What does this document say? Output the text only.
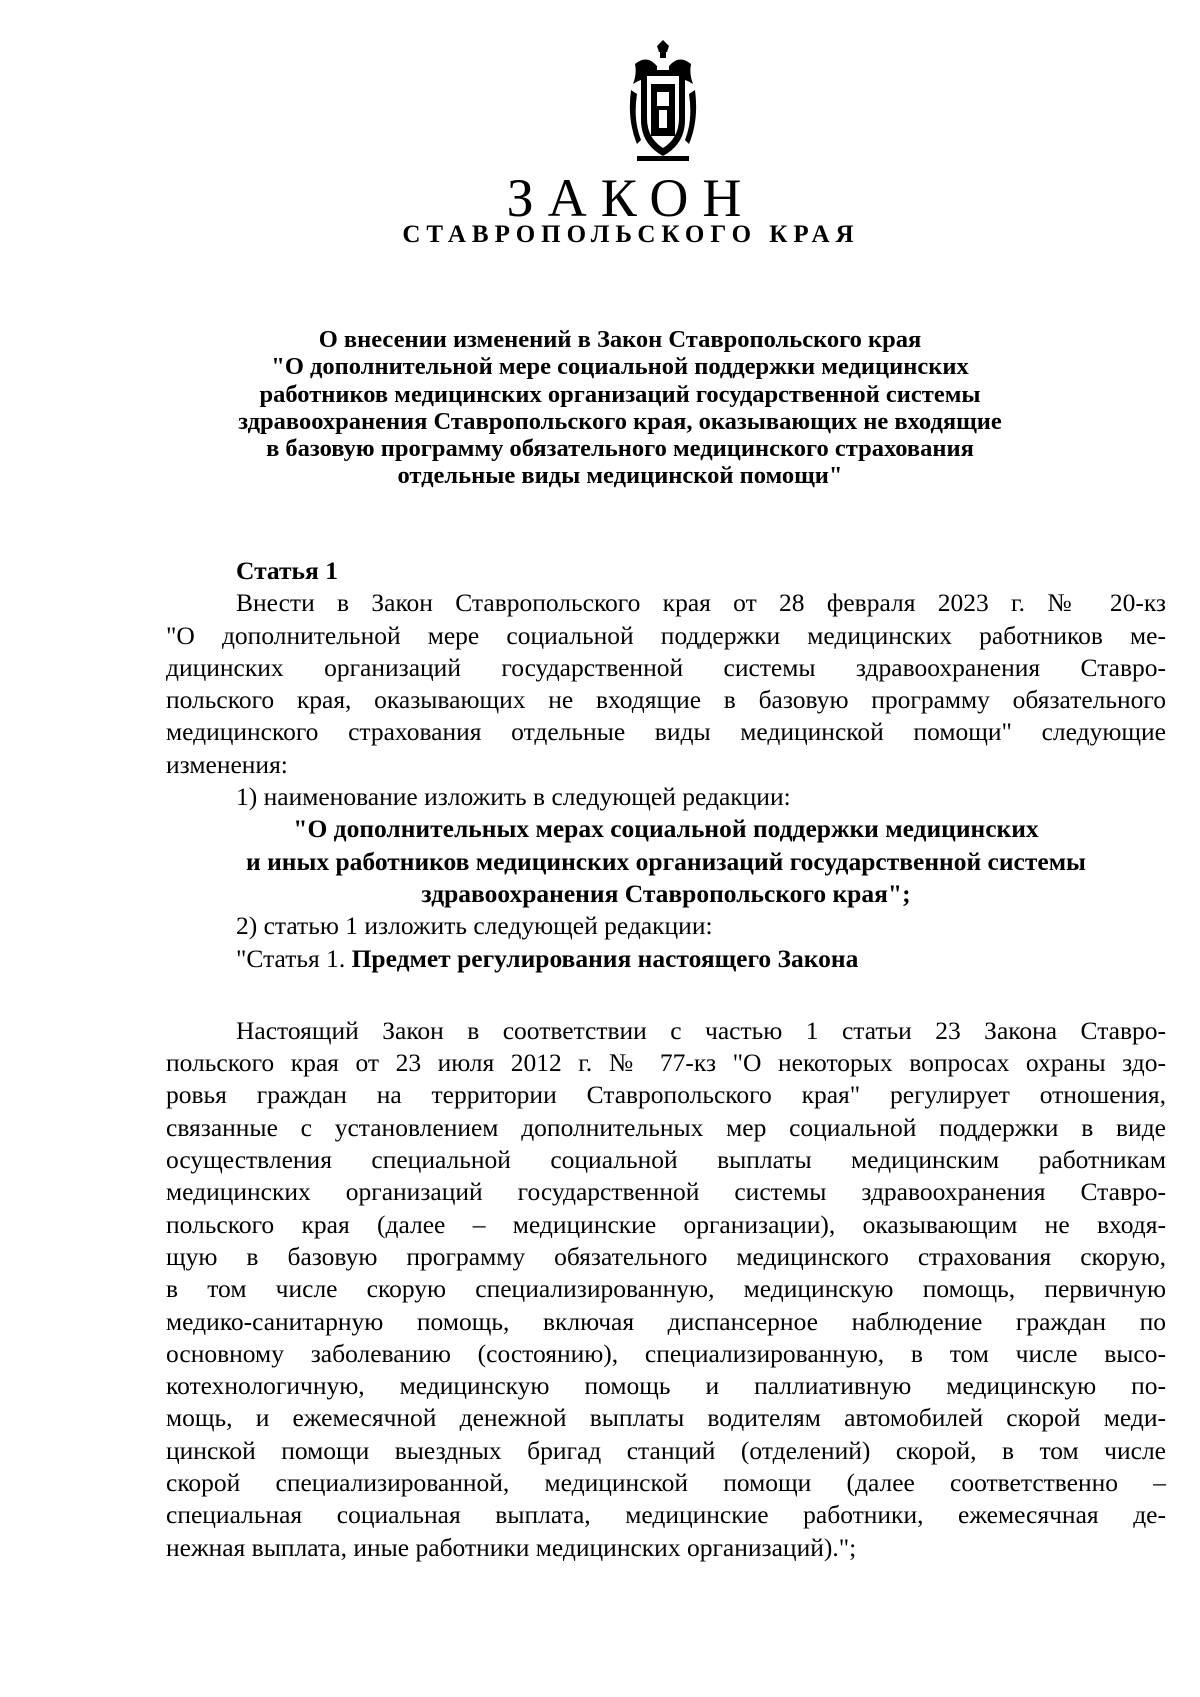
ЗАКОН
СТАВРОПОЛЬСКОГО КРАЯ
О внесении изменений в Закон Ставропольского края
"О дополнительной мере социальной поддержки медицинских
работников медицинских организаций государственной системы
здравоохранения Ставропольского края, оказывающих не входящие
в базовую программу обязательного медицинского страхования
отдельные виды медицинской помощи"
Статья 1
Внести в Закон Ставропольского края от 28 февраля 2023 г. № 20-кз
"О дополнительной мере социальной поддержки медицинских работников ме-
дицинских организаций государственной системы здравоохранения Ставро-
польского края, оказывающих не входящие в базовую программу обязательного
медицинского страхования отдельные виды медицинской помощи" следующие
изменения:
1) наименование изложить в следующей редакции:
"О дополнительных мерах социальной поддержки медицинских
и иных работников медицинских организаций государственной системы
здравоохранения Ставропольского края";
2) статью 1 изложить следующей редакции:
"Статья 1. Предмет регулирования настоящего Закона
Настоящий Закон в соответствии с частью 1 статьи 23 Закона Ставро-
польского края от 23 июля 2012 г. № 77-кз "О некоторых вопросах охраны здо-
ровья граждан на территории Ставропольского края" регулирует отношения,
связанные с установлением дополнительных мер социальной поддержки в виде
осуществления специальной социальной выплаты медицинским работникам
медицинских организаций государственной системы здравоохранения Ставро-
польского края (далее – медицинские организации), оказывающим не входя-
щую в базовую программу обязательного медицинского страхования скорую,
в том числе скорую специализированную, медицинскую помощь, первичную
медико-санитарную помощь, включая диспансерное наблюдение граждан по
основному заболеванию (состоянию), специализированную, в том числе высо-
котехнологичную, медицинскую помощь и паллиативную медицинскую по-
мощь, и ежемесячной денежной выплаты водителям автомобилей скорой меди-
цинской помощи выездных бригад станций (отделений) скорой, в том числе
скорой специализированной, медицинской помощи (далее соответственно –
специальная социальная выплата, медицинские работники, ежемесячная де-
нежная выплата, иные работники медицинских организаций).";
